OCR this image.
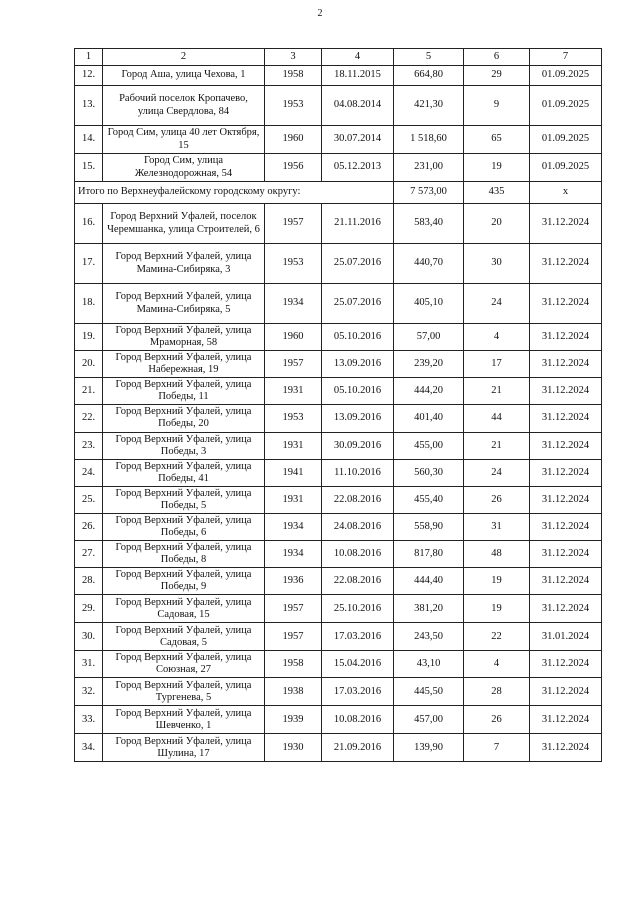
2
1	2	3	4	5	6	7
12.	Город Аша, улица Чехова, 1	1958	18.11.2015	664,80	29	01.09.2025
13.	Рабочий поселок Кропачево, улица Свердлова, 84	1953	04.08.2014	421,30	9	01.09.2025
14.	Город Сим, улица 40 лет Октября, 15	1960	30.07.2014	1 518,60	65	01.09.2025
15.	Город Сим, улица Железнодорожная, 54	1956	05.12.2013	231,00	19	01.09.2025
Итого по Верхнеуфалейскому городскому округу:				7 573,00	435	х
16.	Город Верхний Уфалей, поселок Черемшанка, улица Строителей, 6	1957	21.11.2016	583,40	20	31.12.2024
17.	Город Верхний Уфалей, улица Мамина-Сибиряка, 3	1953	25.07.2016	440,70	30	31.12.2024
18.	Город Верхний Уфалей, улица Мамина-Сибиряка, 5	1934	25.07.2016	405,10	24	31.12.2024
19.	Город Верхний Уфалей, улица Мраморная, 58	1960	05.10.2016	57,00	4	31.12.2024
20.	Город Верхний Уфалей, улица Набережная, 19	1957	13.09.2016	239,20	17	31.12.2024
21.	Город Верхний Уфалей, улица Победы, 11	1931	05.10.2016	444,20	21	31.12.2024
22.	Город Верхний Уфалей, улица Победы, 20	1953	13.09.2016	401,40	44	31.12.2024
23.	Город Верхний Уфалей, улица Победы, 3	1931	30.09.2016	455,00	21	31.12.2024
24.	Город Верхний Уфалей, улица Победы, 41	1941	11.10.2016	560,30	24	31.12.2024
25.	Город Верхний Уфалей, улица Победы, 5	1931	22.08.2016	455,40	26	31.12.2024
26.	Город Верхний Уфалей, улица Победы, 6	1934	24.08.2016	558,90	31	31.12.2024
27.	Город Верхний Уфалей, улица Победы, 8	1934	10.08.2016	817,80	48	31.12.2024
28.	Город Верхний Уфалей, улица Победы, 9	1936	22.08.2016	444,40	19	31.12.2024
29.	Город Верхний Уфалей, улица Садовая, 15	1957	25.10.2016	381,20	19	31.12.2024
30.	Город Верхний Уфалей, улица Садовая, 5	1957	17.03.2016	243,50	22	31.01.2024
31.	Город Верхний Уфалей, улица Союзная, 27	1958	15.04.2016	43,10	4	31.12.2024
32.	Город Верхний Уфалей, улица Тургенева, 5	1938	17.03.2016	445,50	28	31.12.2024
33.	Город Верхний Уфалей, улица Шевченко, 1	1939	10.08.2016	457,00	26	31.12.2024
34.	Город Верхний Уфалей, улица Шулина, 17	1930	21.09.2016	139,90	7	31.12.2024
